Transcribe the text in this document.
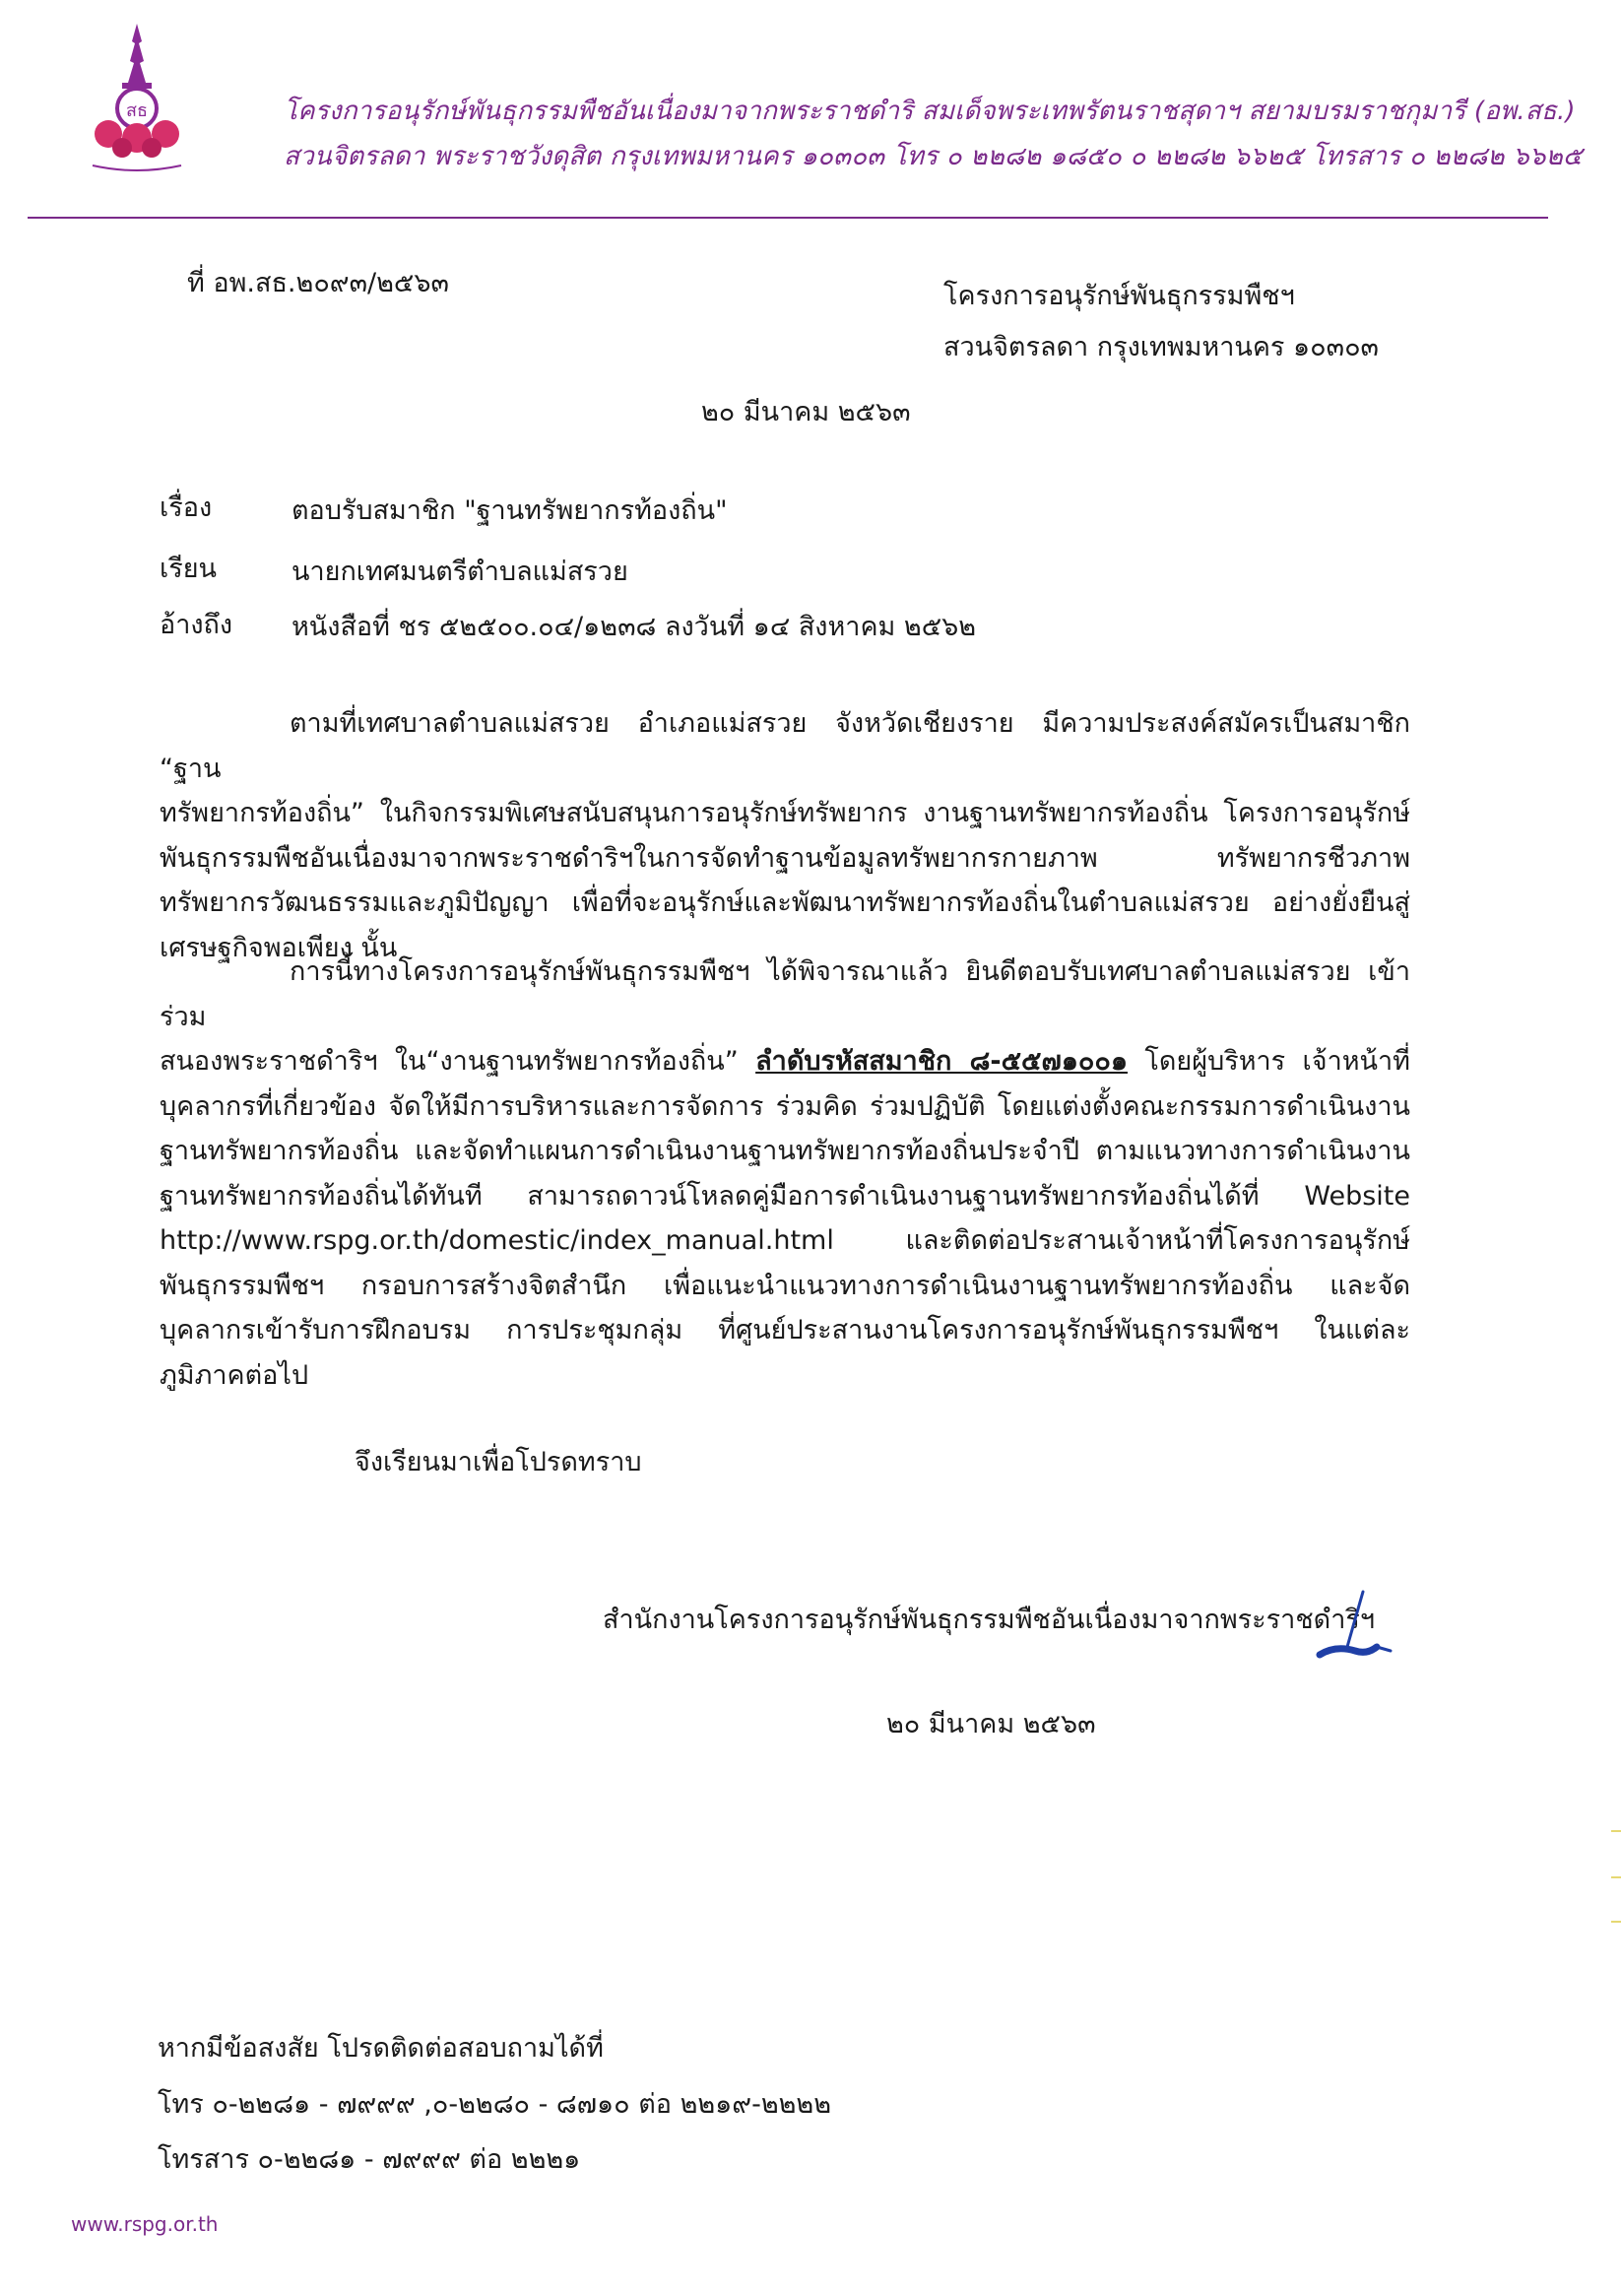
สธ	โครงการอนุรักษ์พันธุกรรมพืชอันเนื่องมาจากพระราชดำริ สมเด็จพระเทพรัตนราชสุดาฯ สยามบรมราชกุมารี (อพ.สธ.)
สวนจิตรลดา พระราชวังดุสิต กรุงเทพมหานคร ๑๐๓๐๓ โทร ๐ ๒๒๘๒ ๑๘๕๐ ๐ ๒๒๘๒ ๖๖๒๕ โทรสาร ๐ ๒๒๘๒ ๖๖๒๕
ที่ อพ.สธ.๒๐๙๓/๒๕๖๓	โครงการอนุรักษ์พันธุกรรมพืชฯ
สวนจิตรลดา กรุงเทพมหานคร ๑๐๓๐๓
๒๐ มีนาคม ๒๕๖๓
เรื่อง	ตอบรับสมาชิก "ฐานทรัพยากรท้องถิ่น"
เรียน	นายกเทศมนตรีตำบลแม่สรวย
อ้างถึง หนังสือที่ ชร ๕๒๕๐๐.๐๔/๑๒๓๘ ลงวันที่ ๑๔ สิงหาคม ๒๕๖๒
ตามที่เทศบาลตำบลแม่สรวย อำเภอแม่สรวย จังหวัดเชียงราย มีความประสงค์สมัครเป็นสมาชิก “ฐาน
ทรัพยากรท้องถิ่น” ในกิจกรรมพิเศษสนับสนุนการอนุรักษ์ทรัพยากร งานฐานทรัพยากรท้องถิ่น โครงการอนุรักษ์
พันธุกรรมพืชอันเนื่องมาจากพระราชดำริฯในการจัดทำฐานข้อมูลทรัพยากรกายภาพ ทรัพยากรชีวภาพ
ทรัพยากรวัฒนธรรมและภูมิปัญญา เพื่อที่จะอนุรักษ์และพัฒนาทรัพยากรท้องถิ่นในตำบลแม่สรวย อย่างยั่งยืนสู่
เศรษฐกิจพอเพียง นั้น
การนี้ทางโครงการอนุรักษ์พันธุกรรมพืชฯ ได้พิจารณาแล้ว ยินดีตอบรับเทศบาลตำบลแม่สรวย เข้าร่วม
สนองพระราชดำริฯ ใน“งานฐานทรัพยากรท้องถิ่น” ลำดับรหัสสมาชิก ๘-๕๕๗๑๐๐๑ โดยผู้บริหาร เจ้าหน้าที่
บุคลากรที่เกี่ยวข้อง จัดให้มีการบริหารและการจัดการ ร่วมคิด ร่วมปฏิบัติ โดยแต่งตั้งคณะกรรมการดำเนินงาน
ฐานทรัพยากรท้องถิ่น และจัดทำแผนการดำเนินงานฐานทรัพยากรท้องถิ่นประจำปี ตามแนวทางการดำเนินงาน
ฐานทรัพยากรท้องถิ่นได้ทันที สามารถดาวน์โหลดคู่มือการดำเนินงานฐานทรัพยากรท้องถิ่นได้ที่ Website
http://www.rspg.or.th/domestic/index_manual.html และติดต่อประสานเจ้าหน้าที่โครงการอนุรักษ์
พันธุกรรมพืชฯ กรอบการสร้างจิตสำนึก เพื่อแนะนำแนวทางการดำเนินงานฐานทรัพยากรท้องถิ่น และจัด
บุคลากรเข้ารับการฝึกอบรม การประชุมกลุ่ม ที่ศูนย์ประสานงานโครงการอนุรักษ์พันธุกรรมพืชฯ ในแต่ละ
ภูมิภาคต่อไป
จึงเรียนมาเพื่อโปรดทราบ
สำนักงานโครงการอนุรักษ์พันธุกรรมพืชอันเนื่องมาจากพระราชดำริฯ
๒๐ มีนาคม ๒๕๖๓
หากมีข้อสงสัย โปรดติดต่อสอบถามได้ที่
โทร ๐-๒๒๘๑ - ๗๙๙๙ ,๐-๒๒๘๐ - ๘๗๑๐ ต่อ ๒๒๑๙-๒๒๒๒
โทรสาร ๐-๒๒๘๑ - ๗๙๙๙ ต่อ ๒๒๒๑
www.rspg.or.th
